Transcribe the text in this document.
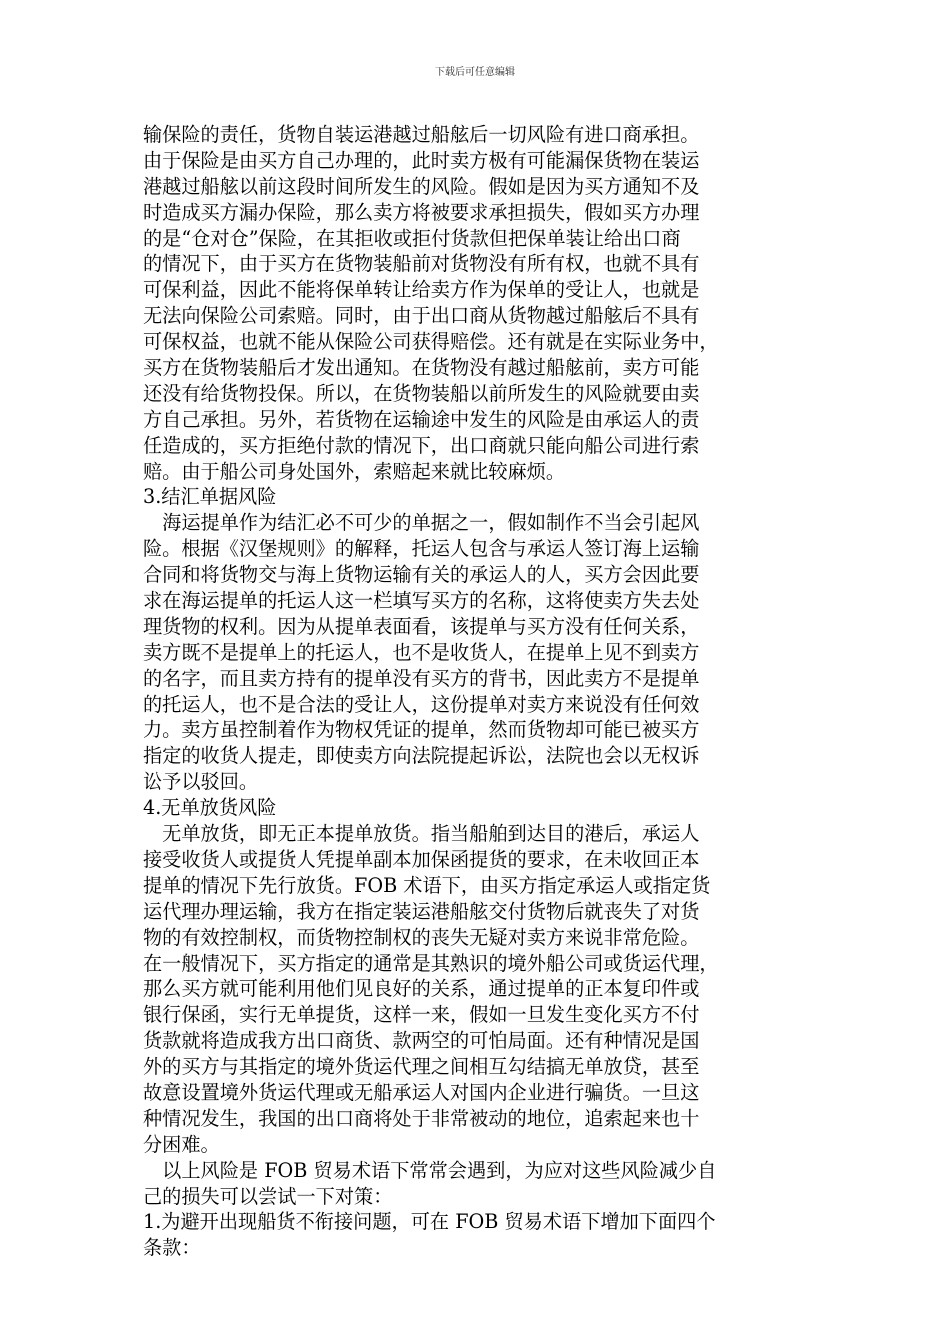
下载后可任意编辑
输保险的责任，货物自装运港越过船舷后一切风险有进口商承担。
由于保险是由买方自己办理的，此时卖方极有可能漏保货物在装运
港越过船舷以前这段时间所发生的风险。假如是因为买方通知不及
时造成买方漏办保险，那么卖方将被要求承担损失，假如买方办理
的是“仓对仓”保险，在其拒收或拒付货款但把保单装让给出口商
的情况下，由于买方在货物装船前对货物没有所有权，也就不具有
可保利益，因此不能将保单转让给卖方作为保单的受让人，也就是
无法向保险公司索赔。同时，由于出口商从货物越过船舷后不具有
可保权益，也就不能从保险公司获得赔偿。还有就是在实际业务中，
买方在货物装船后才发出通知。在货物没有越过船舷前，卖方可能
还没有给货物投保。所以，在货物装船以前所发生的风险就要由卖
方自己承担。另外，若货物在运输途中发生的风险是由承运人的责
任造成的，买方拒绝付款的情况下，出口商就只能向船公司进行索
赔。由于船公司身处国外，索赔起来就比较麻烦。
3.结汇单据风险
　海运提单作为结汇必不可少的单据之一，假如制作不当会引起风
险。根据《汉堡规则》的解释，托运人包含与承运人签订海上运输
合同和将货物交与海上货物运输有关的承运人的人，买方会因此要
求在海运提单的托运人这一栏填写买方的名称，这将使卖方失去处
理货物的权利。因为从提单表面看，该提单与买方没有任何关系，
卖方既不是提单上的托运人，也不是收货人，在提单上见不到卖方
的名字，而且卖方持有的提单没有买方的背书，因此卖方不是提单
的托运人，也不是合法的受让人，这份提单对卖方来说没有任何效
力。卖方虽控制着作为物权凭证的提单，然而货物却可能已被买方
指定的收货人提走，即使卖方向法院提起诉讼，法院也会以无权诉
讼予以驳回。
4.无单放货风险
　无单放货，即无正本提单放货。指当船舶到达目的港后，承运人
接受收货人或提货人凭提单副本加保函提货的要求，在未收回正本
提单的情况下先行放货。FOB 术语下，由买方指定承运人或指定货
运代理办理运输，我方在指定装运港船舷交付货物后就丧失了对货
物的有效控制权，而货物控制权的丧失无疑对卖方来说非常危险。
在一般情况下，买方指定的通常是其熟识的境外船公司或货运代理，
那么买方就可能利用他们见良好的关系，通过提单的正本复印件或
银行保函，实行无单提货，这样一来，假如一旦发生变化买方不付
货款就将造成我方出口商货、款两空的可怕局面。还有种情况是国
外的买方与其指定的境外货运代理之间相互勾结搞无单放贷，甚至
故意设置境外货运代理或无船承运人对国内企业进行骗货。一旦这
种情况发生，我国的出口商将处于非常被动的地位，追索起来也十
分困难。
　以上风险是 FOB 贸易术语下常常会遇到，为应对这些风险减少自
己的损失可以尝试一下对策：
1.为避开出现船货不衔接问题，可在 FOB 贸易术语下增加下面四个
条款：
